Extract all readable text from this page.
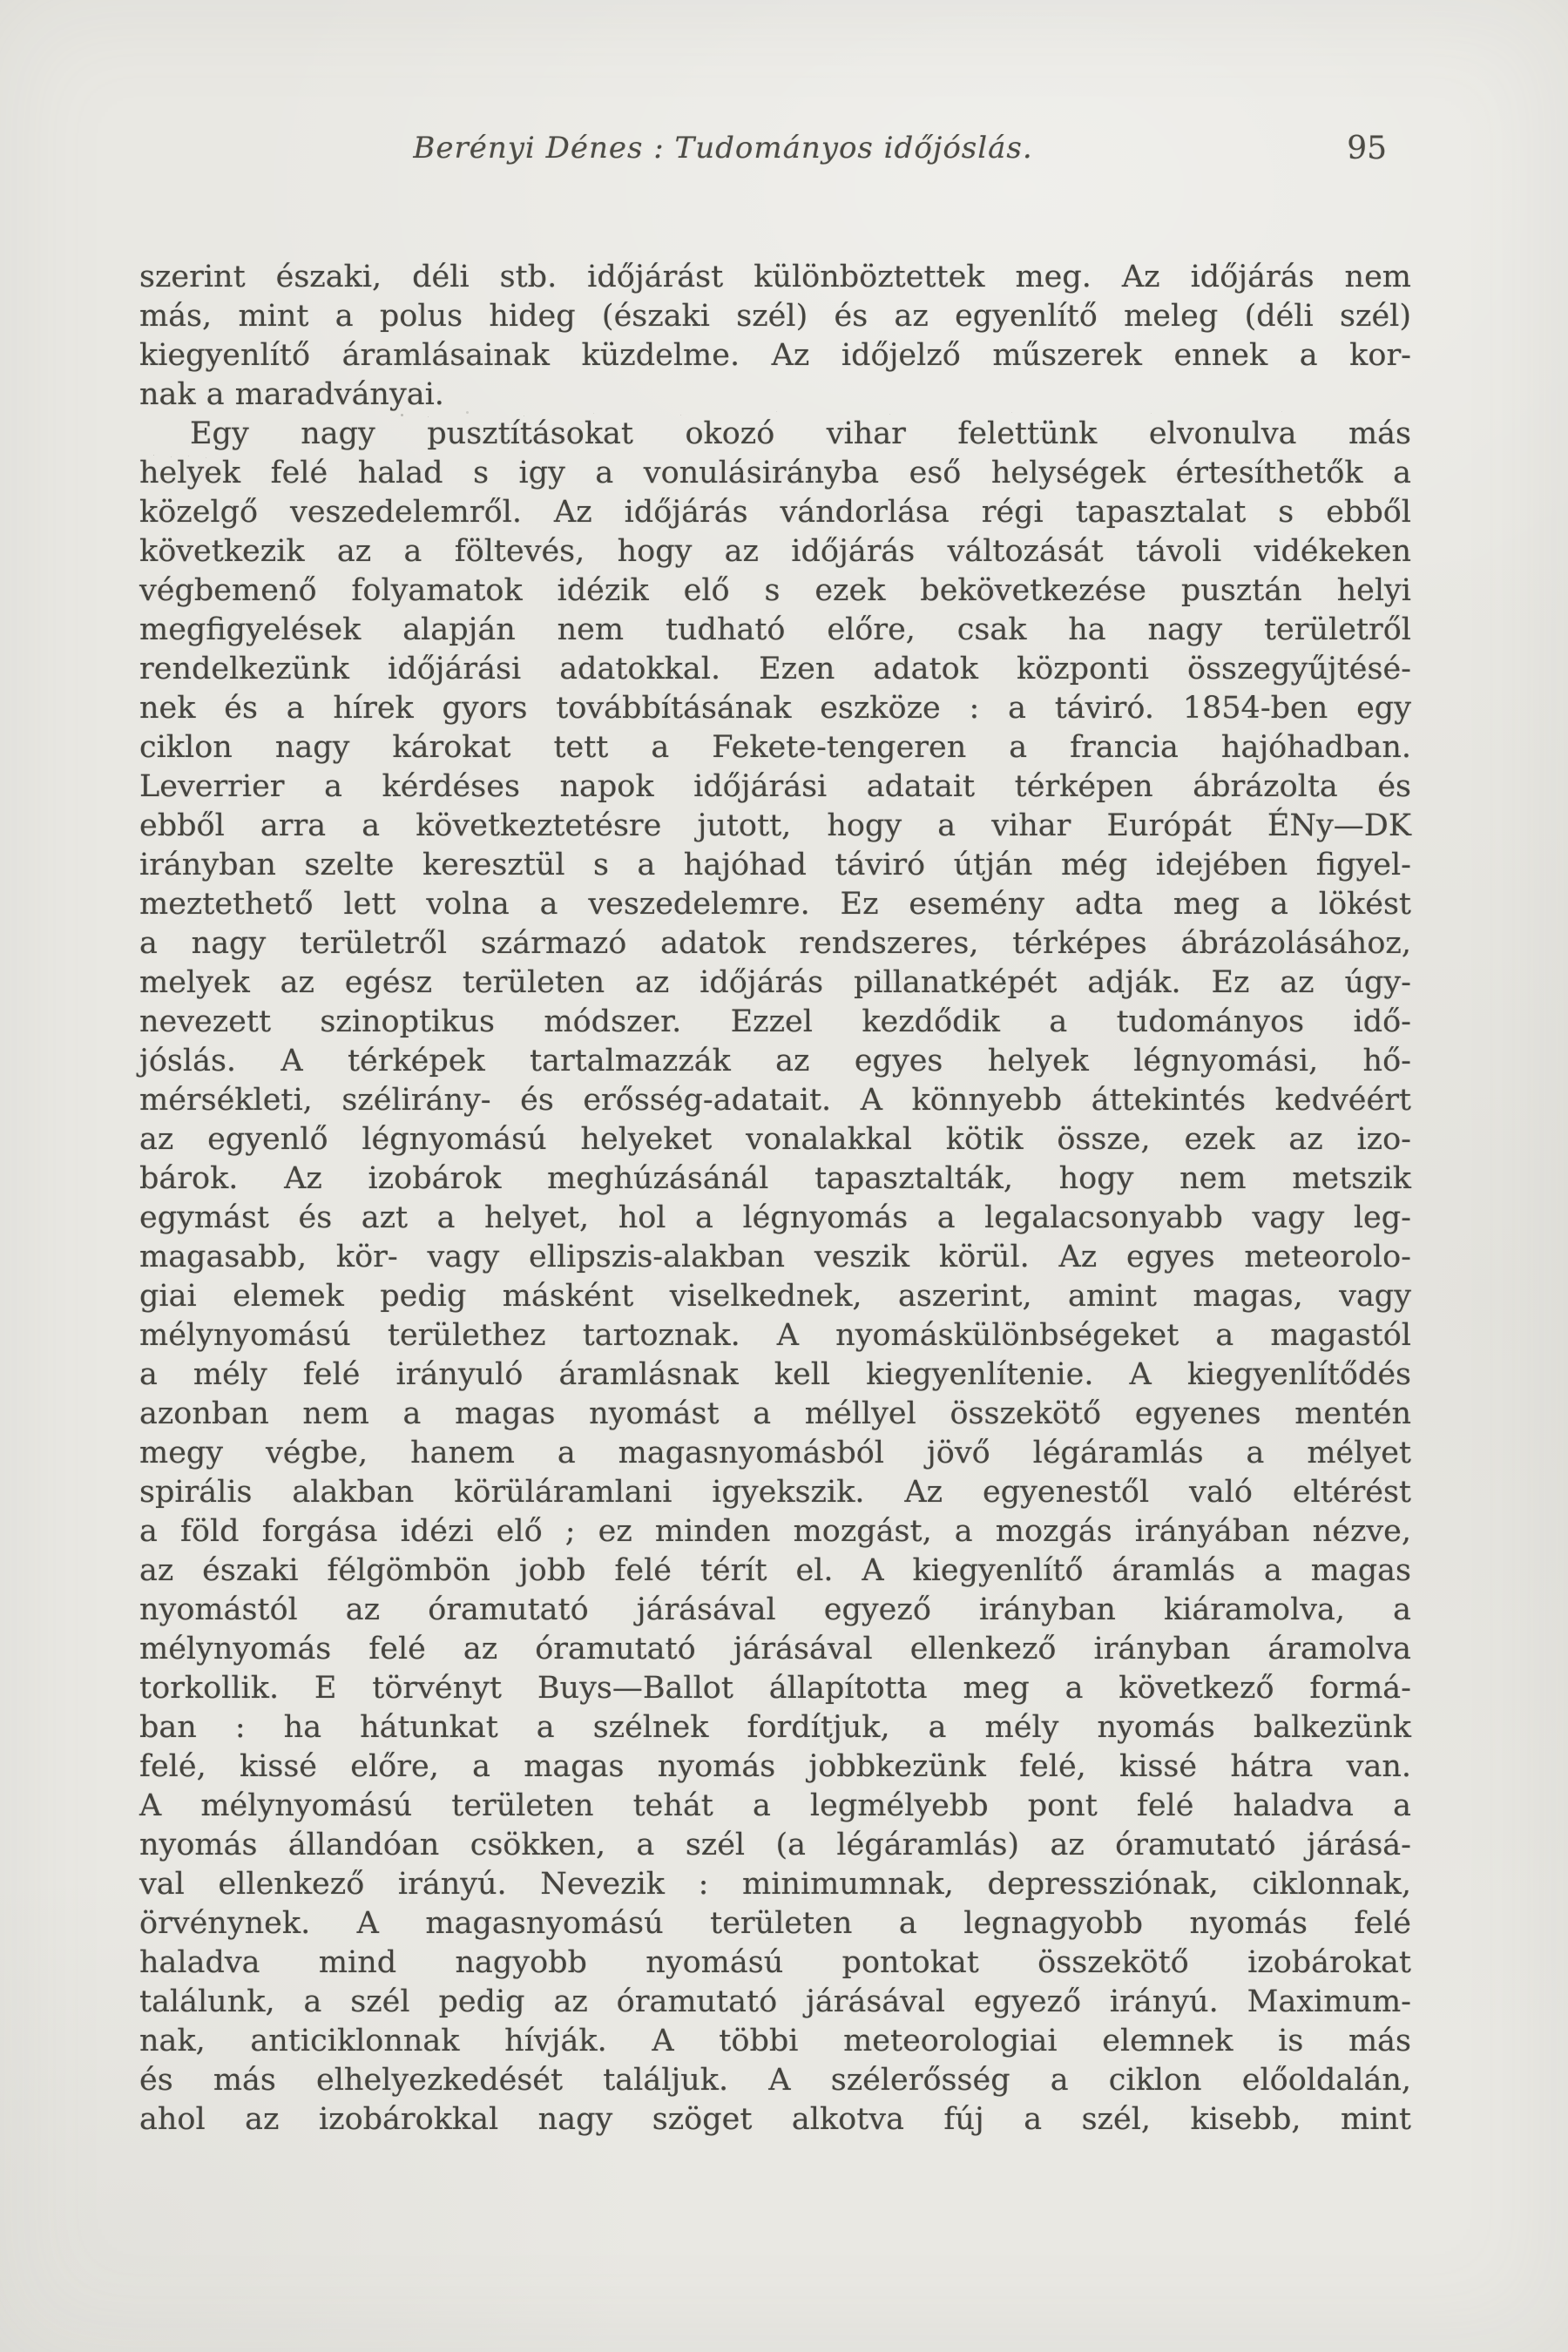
Berényi Dénes : Tudományos időjóslás.	95
szerint északi, déli stb. időjárást különböztettek meg. Az időjárás nem
más, mint a polus hideg (északi szél) és az egyenlítő meleg (déli szél)
kiegyenlítő áramlásainak küzdelme. Az időjelző műszerek ennek a kor-
nak a maradványai.
Egy nagy pusztításokat okozó vihar felettünk elvonulva más
helyek felé halad s igy a vonulásirányba eső helységek értesíthetők a
közelgő veszedelemről. Az időjárás vándorlása régi tapasztalat s ebből
következik az a föltevés, hogy az időjárás változását távoli vidékeken
végbemenő folyamatok idézik elő s ezek bekövetkezése pusztán helyi
megfigyelések alapján nem tudható előre, csak ha nagy területről
rendelkezünk időjárási adatokkal. Ezen adatok központi összegyűjtésé-
nek és a hírek gyors továbbításának eszköze : a táviró. 1854-ben egy
ciklon nagy károkat tett a Fekete-tengeren a francia hajóhadban.
Leverrier a kérdéses napok időjárási adatait térképen ábrázolta és
ebből arra a következtetésre jutott, hogy a vihar Európát ÉNy—DK
irányban szelte keresztül s a hajóhad táviró útján még idejében figyel-
meztethető lett volna a veszedelemre. Ez esemény adta meg a lökést
a nagy területről származó adatok rendszeres, térképes ábrázolásához,
melyek az egész területen az időjárás pillanatképét adják. Ez az úgy-
nevezett szinoptikus módszer. Ezzel kezdődik a tudományos idő-
jóslás. A térképek tartalmazzák az egyes helyek légnyomási, hő-
mérsékleti, szélirány- és erősség-adatait. A könnyebb áttekintés kedvéért
az egyenlő légnyomású helyeket vonalakkal kötik össze, ezek az izo-
bárok. Az izobárok meghúzásánál tapasztalták, hogy nem metszik
egymást és azt a helyet, hol a légnyomás a legalacsonyabb vagy leg-
magasabb, kör- vagy ellipszis-alakban veszik körül. Az egyes meteorolo-
giai elemek pedig másként viselkednek, aszerint, amint magas, vagy
mélynyomású területhez tartoznak. A nyomáskülönbségeket a magastól
a mély felé irányuló áramlásnak kell kiegyenlítenie. A kiegyenlítődés
azonban nem a magas nyomást a méllyel összekötő egyenes mentén
megy végbe, hanem a magasnyomásból jövő légáramlás a mélyet
spirális alakban körüláramlani igyekszik. Az egyenestől való eltérést
a föld forgása idézi elő ; ez minden mozgást, a mozgás irányában nézve,
az északi félgömbön jobb felé térít el. A kiegyenlítő áramlás a magas
nyomástól az óramutató járásával egyező irányban kiáramolva, a
mélynyomás felé az óramutató járásával ellenkező irányban áramolva
torkollik. E törvényt Buys—Ballot állapította meg a következő formá-
ban : ha hátunkat a szélnek fordítjuk, a mély nyomás balkezünk
felé, kissé előre, a magas nyomás jobbkezünk felé, kissé hátra van.
A mélynyomású területen tehát a legmélyebb pont felé haladva a
nyomás állandóan csökken, a szél (a légáramlás) az óramutató járásá-
val ellenkező irányú. Nevezik : minimumnak, depressziónak, ciklonnak,
örvénynek. A magasnyomású területen a legnagyobb nyomás felé
haladva mind nagyobb nyomású pontokat összekötő izobárokat
találunk, a szél pedig az óramutató járásával egyező irányú. Maximum-
nak, anticiklonnak hívják. A többi meteorologiai elemnek is más
és más elhelyezkedését találjuk. A szélerősség a ciklon előoldalán,
ahol az izobárokkal nagy szöget alkotva fúj a szél, kisebb, mint
